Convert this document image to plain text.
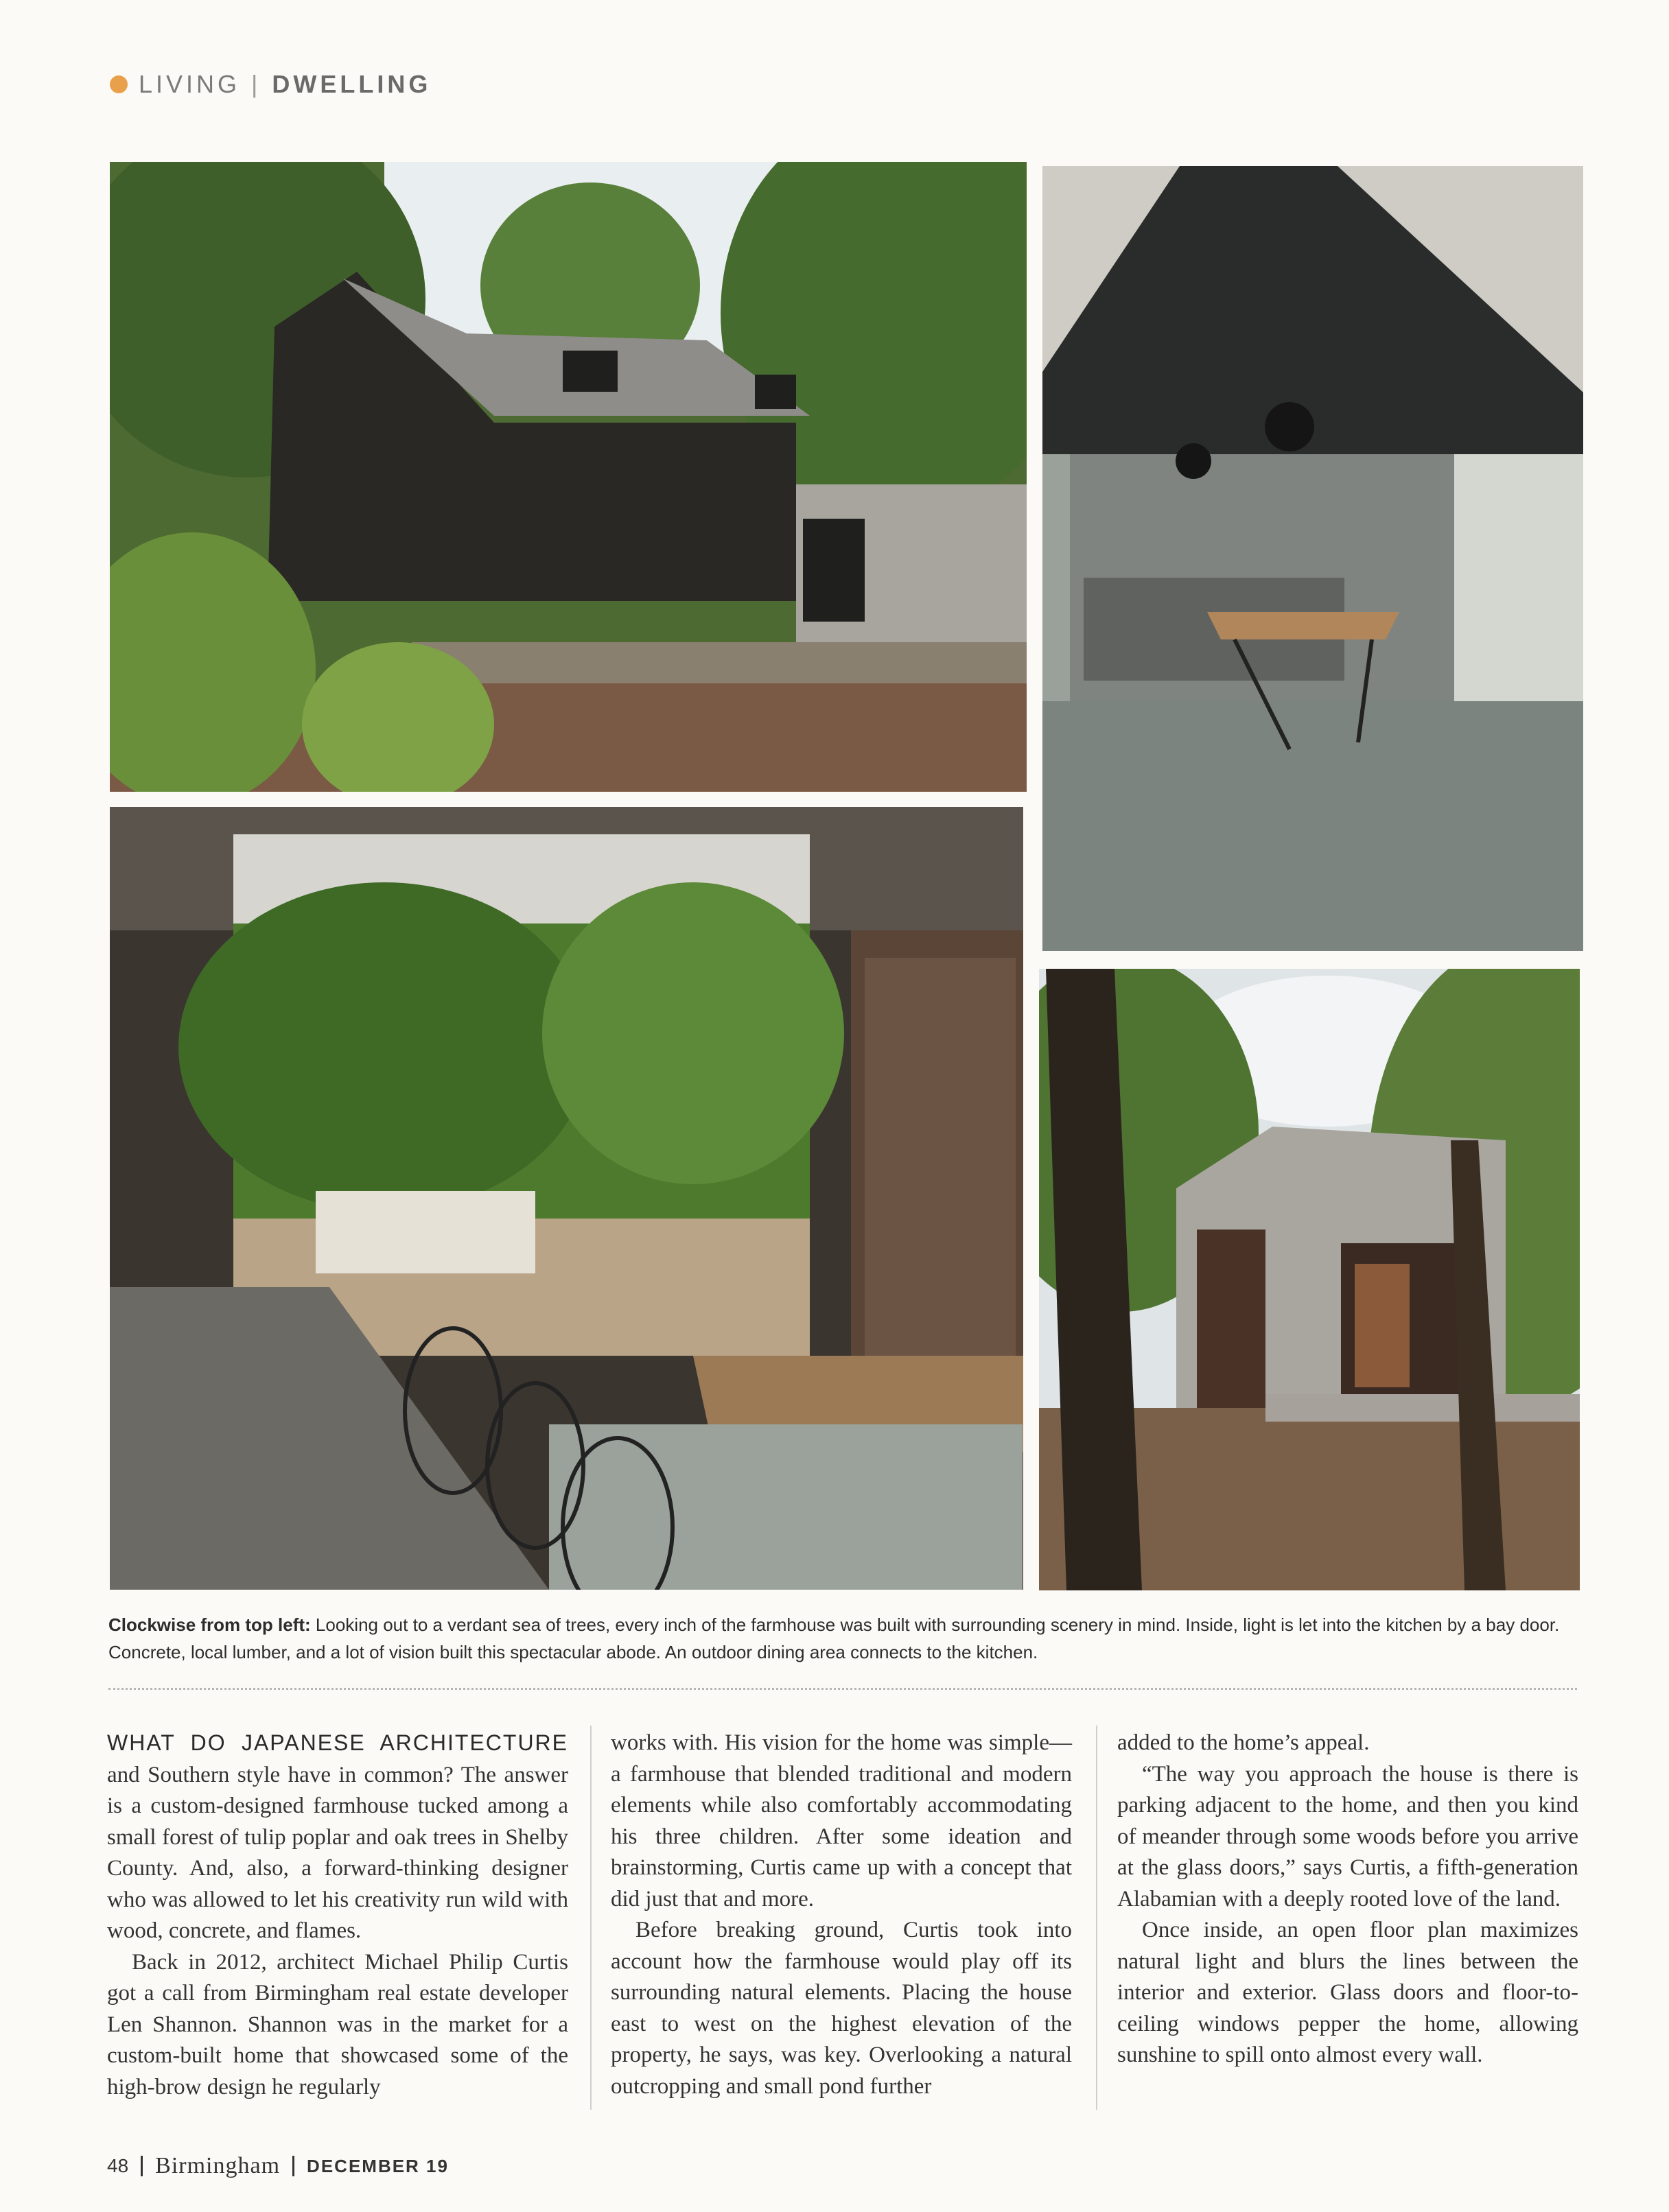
LIVING | DWELLING
Clockwise from top left: Looking out to a verdant sea of trees, every inch of the farmhouse was built with surrounding scenery in mind. Inside, light is let into the kitchen by a bay door. Concrete, local lumber, and a lot of vision built this spectacular abode. An outdoor dining area connects to the kitchen.

WHAT DO JAPANESE ARCHITECTURE and Southern style have in common? The answer is a custom-designed farmhouse tucked among a small forest of tulip poplar and oak trees in Shelby County. And, also, a forward-thinking designer who was allowed to let his creativity run wild with wood, concrete, and flames.

Back in 2012, architect Michael Philip Curtis got a call from Birmingham real estate developer Len Shannon. Shannon was in the market for a custom-built home that showcased some of the high-brow design he regularly

works with. His vision for the home was simple—a farmhouse that blended traditional and modern elements while also comfortably accommodating his three children. After some ideation and brainstorming, Curtis came up with a concept that did just that and more.

Before breaking ground, Curtis took into account how the farmhouse would play off its surrounding natural elements. Placing the house east to west on the highest elevation of the property, he says, was key. Overlooking a natural outcropping and small pond further

added to the home’s appeal.

“The way you approach the house is there is parking adjacent to the home, and then you kind of meander through some woods before you arrive at the glass doors,” says Curtis, a fifth-generation Alabamian with a deeply rooted love of the land.

Once inside, an open floor plan maximizes natural light and blurs the lines between the interior and exterior. Glass doors and floor-to-ceiling windows pepper the home, allowing sunshine to spill onto almost every wall.

48 Birmingham DECEMBER 19
